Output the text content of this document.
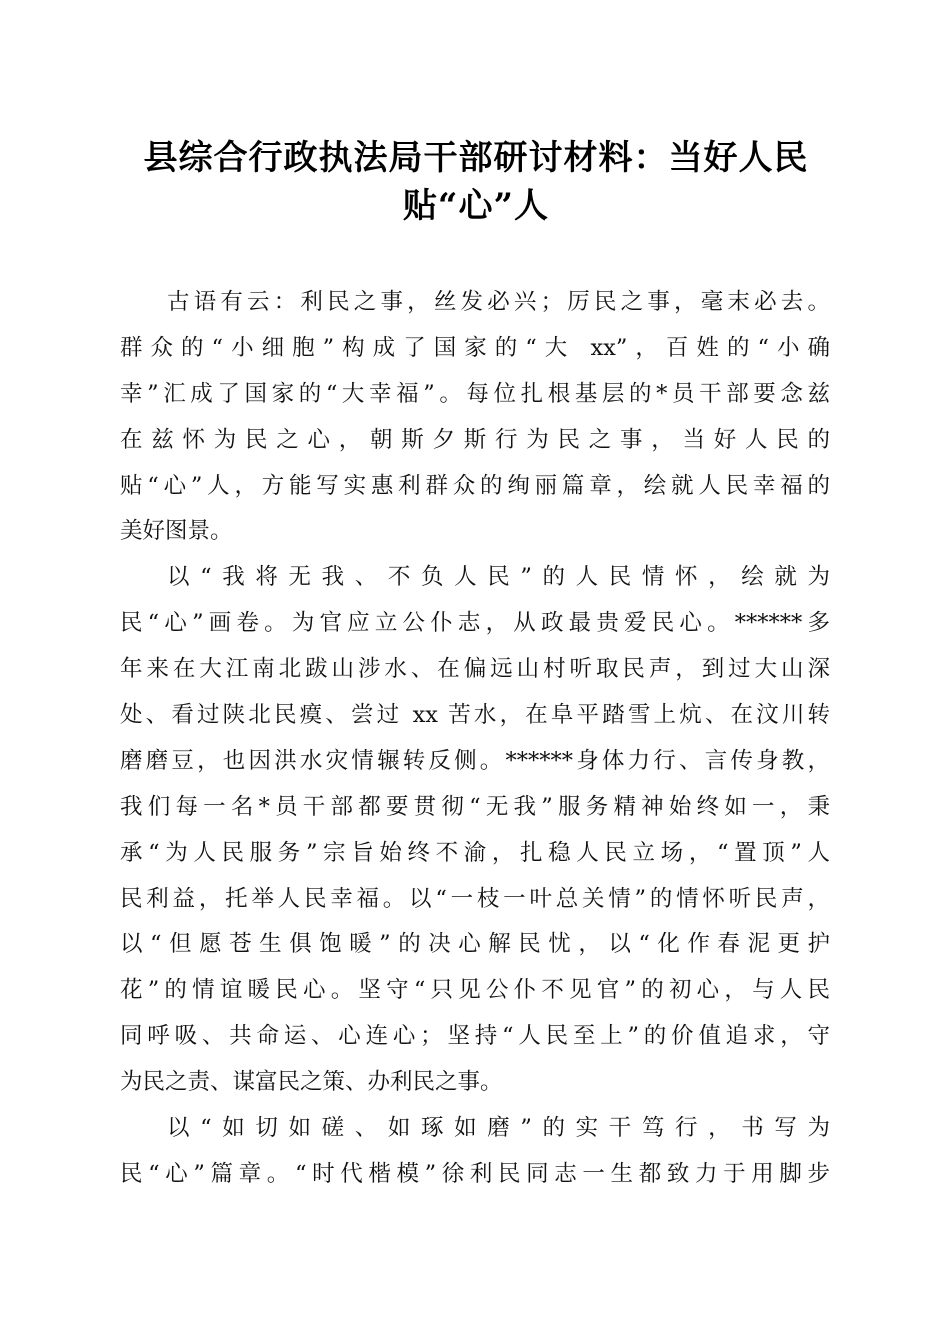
县综合行政执法局干部研讨材料：当好人民
贴“心”人
古语有云：利民之事，丝发必兴；厉民之事，毫末必去。
群众的“小细胞”构成了国家的“大 xx”，百姓的“小确
幸”汇成了国家的“大幸福”。每位扎根基层的*员干部要念兹
在兹怀为民之心，朝斯夕斯行为民之事，当好人民的
贴“心”人，方能写实惠利群众的绚丽篇章，绘就人民幸福的
美好图景。
以“我将无我、不负人民”的人民情怀，绘就为
民“心”画卷。为官应立公仆志，从政最贵爱民心。******多
年来在大江南北跋山涉水、在偏远山村听取民声，到过大山深
处、看过陕北民瘼、尝过 xx 苦水，在阜平踏雪上炕、在汶川转
磨磨豆，也因洪水灾情辗转反侧。******身体力行、言传身教，
我们每一名*员干部都要贯彻“无我”服务精神始终如一，秉
承“为人民服务”宗旨始终不渝，扎稳人民立场，“置顶”人
民利益，托举人民幸福。以“一枝一叶总关情”的情怀听民声，
以“但愿苍生俱饱暖”的决心解民忧，以“化作春泥更护
花”的情谊暖民心。坚守“只见公仆不见官”的初心，与人民
同呼吸、共命运、心连心；坚持“人民至上”的价值追求，守
为民之责、谋富民之策、办利民之事。
以“如切如磋、如琢如磨”的实干笃行，书写为
民“心”篇章。“时代楷模”徐利民同志一生都致力于用脚步
